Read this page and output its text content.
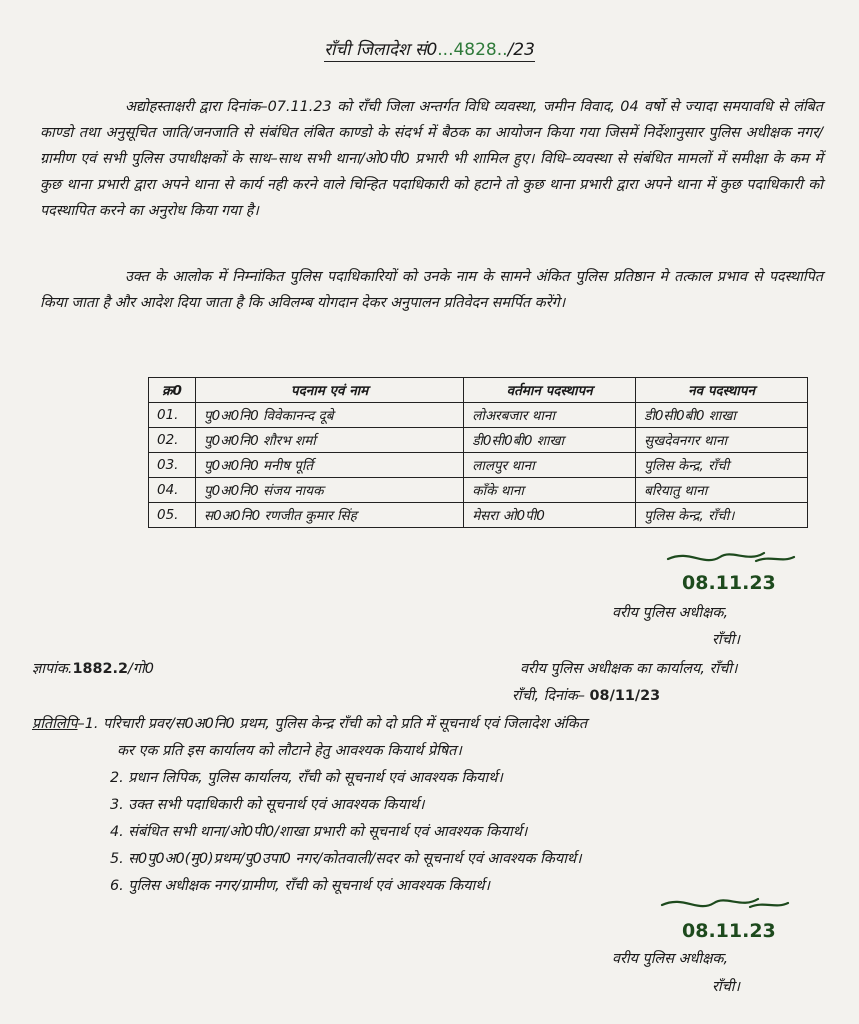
राँची जिलादेश सं0...4828../23
अद्योहस्ताक्षरी द्वारा दिनांक–07.11.23 को राँची जिला अन्तर्गत विधि व्यवस्था, जमीन विवाद, 04 वर्षो से ज्यादा समयावधि से लंबित काण्डो तथा अनुसूचित जाति/जनजाति से संबंधित लंबित काण्डो के संदर्भ में बैठक का आयोजन किया गया जिसमें निर्देशानुसार पुलिस अधीक्षक नगर/ग्रामीण एवं सभी पुलिस उपाधीक्षकों के साथ–साथ सभी थाना/ओ0पी0 प्रभारी भी शामिल हुए। विधि–व्यवस्था से संबंधित मामलों में समीक्षा के कम में कुछ थाना प्रभारी द्वारा अपने थाना से कार्य नही करने वाले चिन्हित पदाधिकारी को हटाने तो कुछ थाना प्रभारी द्वारा अपने थाना में कुछ पदाधिकारी को पदस्थापित करने का अनुरोध किया गया है।
उक्त के आलोक में निम्नांकित पुलिस पदाधिकारियों को उनके नाम के सामने अंकित पुलिस प्रतिष्ठान मे तत्काल प्रभाव से पदस्थापित किया जाता है और आदेश दिया जाता है कि अविलम्ब योगदान देकर अनुपालन प्रतिवेदन समर्पित करेंगे।
क्र0	पदनाम एवं नाम	वर्तमान पदस्थापन	नव पदस्थापन
01.	पु0अ0नि0 विवेकानन्द दूबे	लोअरबजार थाना	डी0सी0बी0 शाखा
02.	पु0अ0नि0 शौरभ शर्मा	डी0सी0बी0 शाखा	सुखदेवनगर थाना
03.	पु0अ0नि0 मनीष पूर्ति	लालपुर थाना	पुलिस केन्द्र, राँची
04.	पु0अ0नि0 संजय नायक	काँके थाना	बरियातु थाना
05.	स0अ0नि0 रणजीत कुमार सिंह	मेसरा ओ0पी0	पुलिस केन्द्र, राँची।
08.11.23
वरीय पुलिस अधीक्षक,
राँची।
ज्ञापांक.1882.2/गो0	वरीय पुलिस अधीक्षक का कार्यालय, राँची।
राँची, दिनांक– 08/11/23
प्रतिलिपि–1. परिचारी प्रवर/स0अ0नि0 प्रथम, पुलिस केन्द्र राँची को दो प्रति में सूचनार्थ एवं जिलादेश अंकित
कर एक प्रति इस कार्यालय को लौटाने हेतु आवश्यक कियार्थ प्रेषित।
2. प्रधान लिपिक, पुलिस कार्यालय, राँची को सूचनार्थ एवं आवश्यक कियार्थ।
3. उक्त सभी पदाधिकारी को सूचनार्थ एवं आवश्यक कियार्थ।
4. संबंधित सभी थाना/ओ0पी0/शाखा प्रभारी को सूचनार्थ एवं आवश्यक कियार्थ।
5. स0पु0अ0(मु0)प्रथम/पु0उपा0 नगर/कोतवाली/सदर को सूचनार्थ एवं आवश्यक कियार्थ।
6. पुलिस अधीक्षक नगर/ग्रामीण, राँची को सूचनार्थ एवं आवश्यक कियार्थ।
08.11.23
वरीय पुलिस अधीक्षक,
राँची।
